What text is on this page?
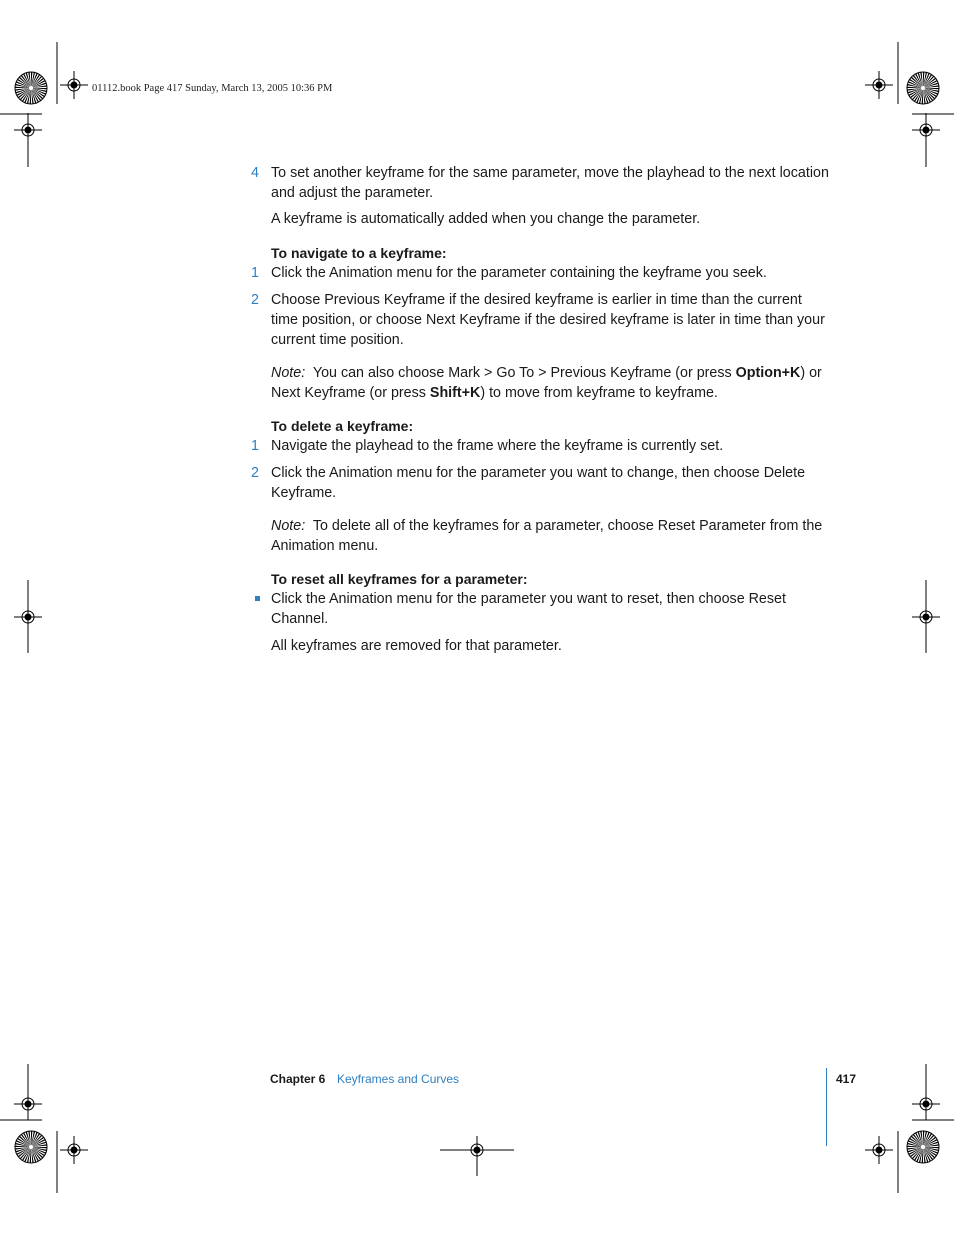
01112.book Page 417 Sunday, March 13, 2005 10:36 PM
4 To set another keyframe for the same parameter, move the playhead to the next location and adjust the parameter.
A keyframe is automatically added when you change the parameter.
To navigate to a keyframe:
1 Click the Animation menu for the parameter containing the keyframe you seek.
2 Choose Previous Keyframe if the desired keyframe is earlier in time than the current time position, or choose Next Keyframe if the desired keyframe is later in time than your current time position.
Note: You can also choose Mark > Go To > Previous Keyframe (or press Option+K) or Next Keyframe (or press Shift+K) to move from keyframe to keyframe.
To delete a keyframe:
1 Navigate the playhead to the frame where the keyframe is currently set.
2 Click the Animation menu for the parameter you want to change, then choose Delete Keyframe.
Note: To delete all of the keyframes for a parameter, choose Reset Parameter from the Animation menu.
To reset all keyframes for a parameter:
Click the Animation menu for the parameter you want to reset, then choose Reset Channel.
All keyframes are removed for that parameter.
Chapter 6 Keyframes and Curves	417
